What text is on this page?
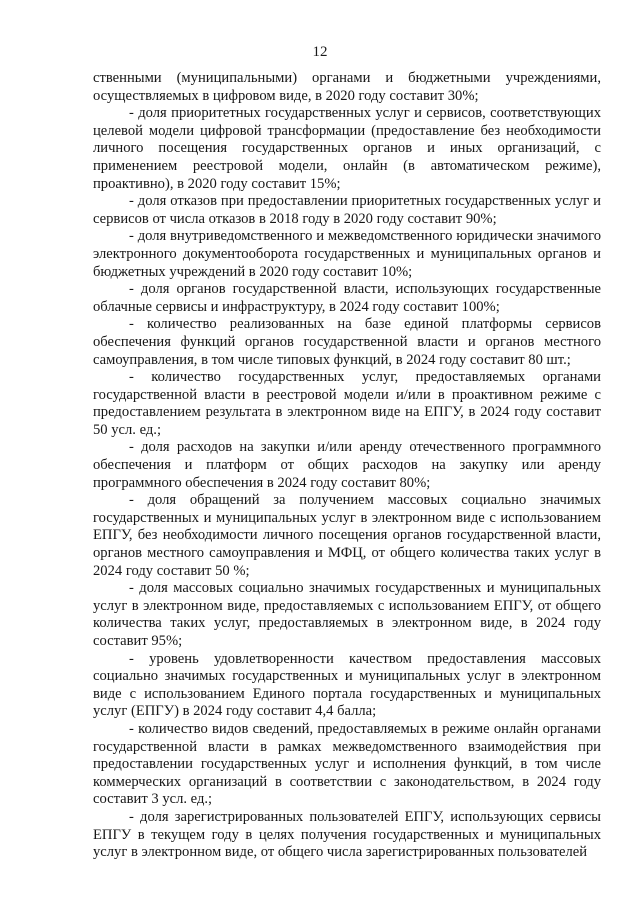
12

ственными (муниципальными) органами и бюджетными учреждениями, осуществляемых в цифровом виде, в 2020 году составит 30%;

- доля приоритетных государственных услуг и сервисов, соответствующих целевой модели цифровой трансформации (предоставление без необходимости личного посещения государственных органов и иных организаций, с применением реестровой модели, онлайн (в автоматическом режиме), проактивно), в 2020 году составит 15%;

- доля отказов при предоставлении приоритетных государственных услуг и сервисов от числа отказов в 2018 году в 2020 году составит 90%;

- доля внутриведомственного и межведомственного юридически значимого электронного документооборота государственных и муниципальных органов и бюджетных учреждений в 2020 году составит 10%;

- доля органов государственной власти, использующих государственные облачные сервисы и инфраструктуру, в 2024 году составит 100%;

- количество реализованных на базе единой платформы сервисов обеспечения функций органов государственной власти и органов местного самоуправления, в том числе типовых функций, в 2024 году составит 80 шт.;

- количество государственных услуг, предоставляемых органами государственной власти в реестровой модели и/или в проактивном режиме с предоставлением результата в электронном виде на ЕПГУ, в 2024 году составит 50 усл. ед.;

- доля расходов на закупки и/или аренду отечественного программного обеспечения и платформ от общих расходов на закупку или аренду программного обеспечения в 2024 году составит 80%;

- доля обращений за получением массовых социально значимых государственных и муниципальных услуг в электронном виде с использованием ЕПГУ, без необходимости личного посещения органов государственной власти, органов местного самоуправления и МФЦ, от общего количества таких услуг в 2024 году составит 50 %;

- доля массовых социально значимых государственных и муниципальных услуг в электронном виде, предоставляемых с использованием ЕПГУ, от общего количества таких услуг, предоставляемых в электронном виде, в 2024 году составит 95%;

- уровень удовлетворенности качеством предоставления массовых социально значимых государственных и муниципальных услуг в электронном виде с использованием Единого портала государственных и муниципальных услуг (ЕПГУ) в 2024 году составит 4,4 балла;

- количество видов сведений, предоставляемых в режиме онлайн органами государственной власти в рамках межведомственного взаимодействия при предоставлении государственных услуг и исполнения функций, в том числе коммерческих организаций в соответствии с законодательством, в 2024 году составит 3 усл. ед.;

- доля зарегистрированных пользователей ЕПГУ, использующих сервисы ЕПГУ в текущем году в целях получения государственных и муниципальных услуг в электронном виде, от общего числа зарегистрированных пользователей
